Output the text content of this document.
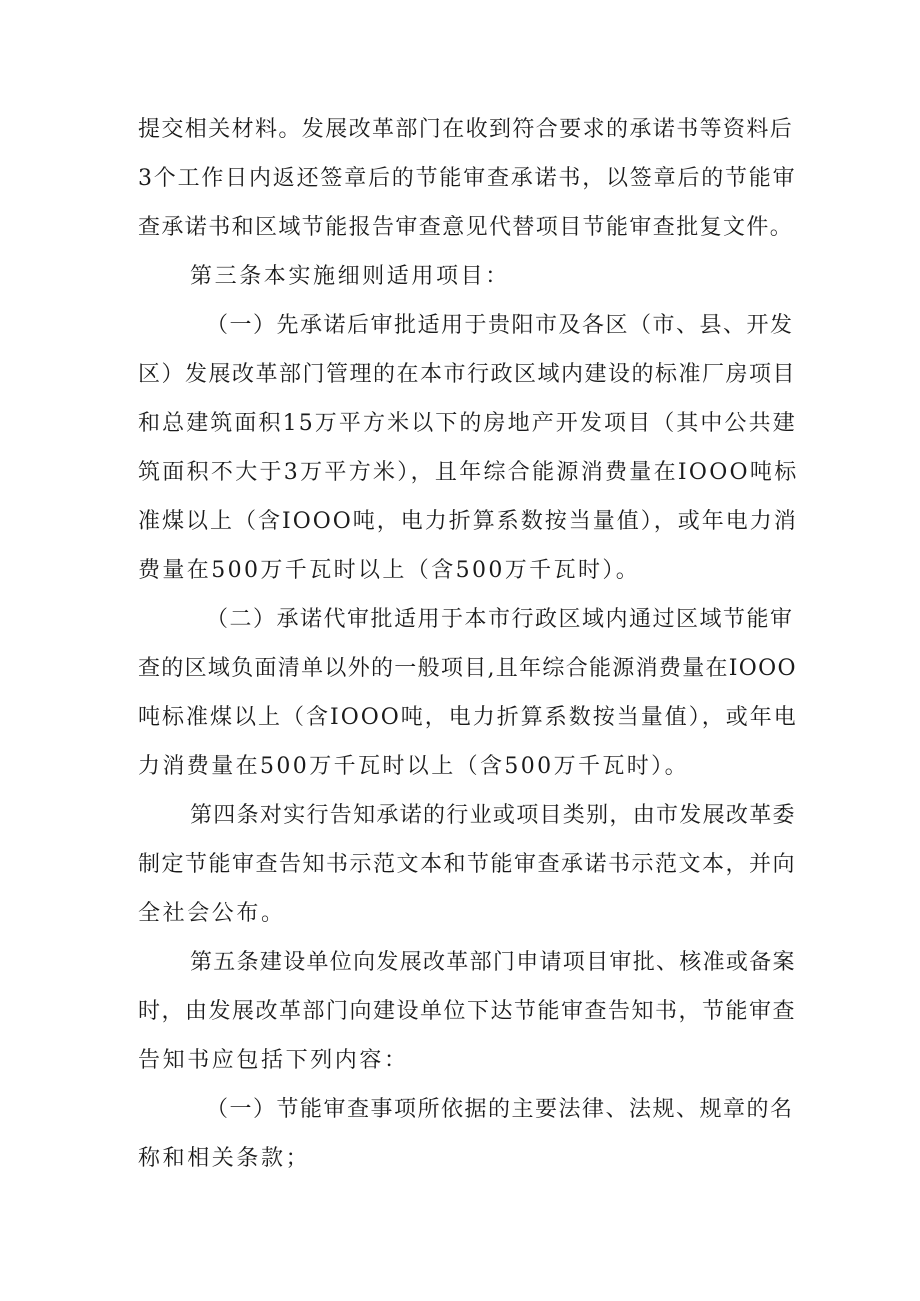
提交相关材料。发展改革部门在收到符合要求的承诺书等资料后
3个工作日内返还签章后的节能审查承诺书，以签章后的节能审
查承诺书和区域节能报告审查意见代替项目节能审查批复文件。
第三条本实施细则适用项目：
（一）先承诺后审批适用于贵阳市及各区（市、县、开发
区）发展改革部门管理的在本市行政区域内建设的标准厂房项目
和总建筑面积15万平方米以下的房地产开发项目（其中公共建
筑面积不大于3万平方米），且年综合能源消费量在IOOO吨标
准煤以上（含IOOO吨，电力折算系数按当量值），或年电力消
费量在500万千瓦时以上（含500万千瓦时）。
（二）承诺代审批适用于本市行政区域内通过区域节能审
查的区域负面清单以外的一般项目,且年综合能源消费量在IOOO
吨标准煤以上（含IOOO吨，电力折算系数按当量值），或年电
力消费量在500万千瓦时以上（含500万千瓦时）。
第四条对实行告知承诺的行业或项目类别，由市发展改革委
制定节能审查告知书示范文本和节能审查承诺书示范文本，并向
全社会公布。
第五条建设单位向发展改革部门申请项目审批、核准或备案
时，由发展改革部门向建设单位下达节能审查告知书，节能审查
告知书应包括下列内容：
（一）节能审查事项所依据的主要法律、法规、规章的名
称和相关条款；
